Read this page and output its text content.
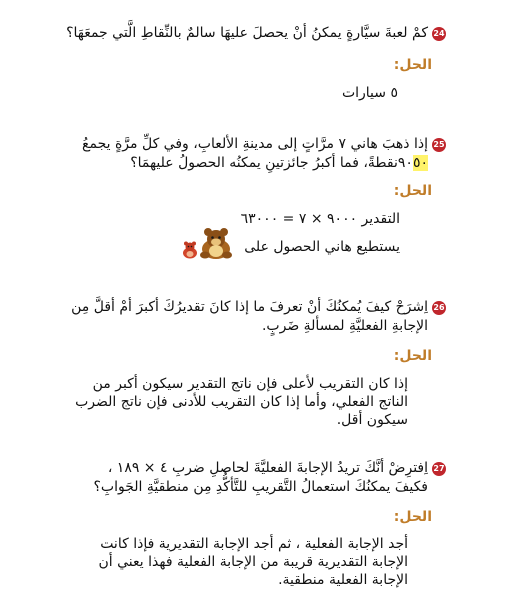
24
كمْ لعبةَ سيَّارةٍ يمكنُ أنْ يحصلَ عليهَا سالمٌ بالنِّقاطِ الَّتي جمعَهَا؟
الحل:
٥ سيارات
25
إذا ذهبَ هاني ٧ مرَّاتٍ إلى مدينةِ الألعابِ، وفي كلِّ مرَّةٍ يجمعُ
٩٠٥٠نقطةً، فما أكبرُ جائزتينِ يمكنُه الحصولُ عليهمَا؟
الحل:
التقدير ٩٠٠٠ × ٧ = ٦٣٠٠٠
يستطيع هاني الحصول على
26
اِشرَحْ كيفَ يُمكنُكَ أنْ تعرفَ ما إذا كانَ تقديرُكَ أكبرَ أمْ أقلَّ مِن
الإجابةِ الفعليَّةِ لمسألةِ ضَربٍ.
الحل:
إذا كان التقريب لأعلى فإن ناتج التقدير سيكون أكبر من
الناتج الفعلي، وأما إذا كان التقريب للأدنى فإن ناتج الضرب
سيكون أقل.
27
اِفترِضْ أنَّكَ تريدُ الإجابةَ الفعليَّةَ لحاصلِ ضربِ ٤ × ١٨٩ ،
فكيفَ يمكنُكَ استعمالُ التَّقريبِ للتَّأكُّدِ مِن منطقيَّةِ الجَوابِ؟
الحل:
أجد الإجابة الفعلية ، ثم أجد الإجابة التقديرية فإذا كانت
الإجابة التقديرية قريبة من الإجابة الفعلية فهذا يعني أن
الإجابة الفعلية منطقية.
